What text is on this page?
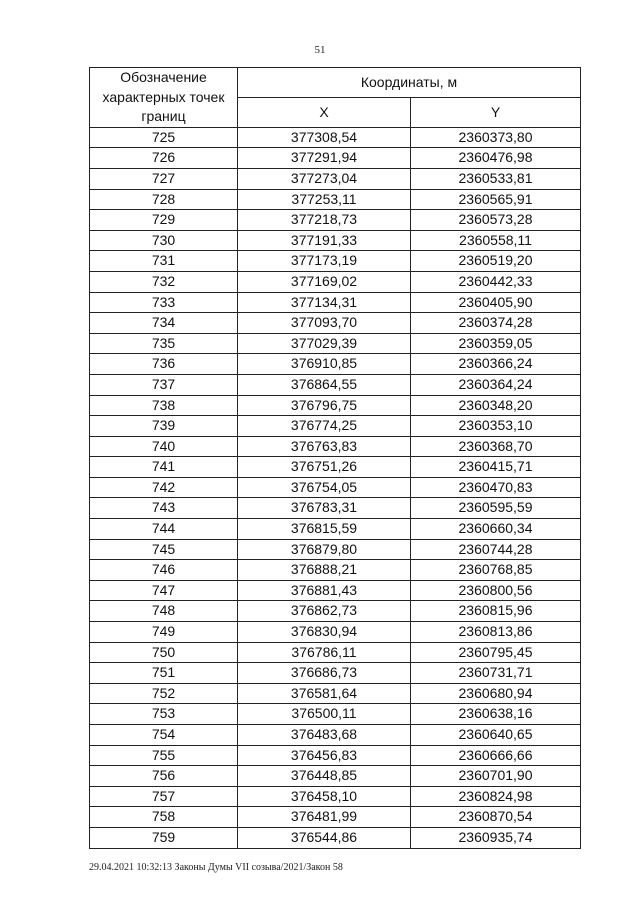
51
Обозначение характерных точек границ	Координаты, м	
	X	Y
725	377308,54	2360373,80
726	377291,94	2360476,98
727	377273,04	2360533,81
728	377253,11	2360565,91
729	377218,73	2360573,28
730	377191,33	2360558,11
731	377173,19	2360519,20
732	377169,02	2360442,33
733	377134,31	2360405,90
734	377093,70	2360374,28
735	377029,39	2360359,05
736	376910,85	2360366,24
737	376864,55	2360364,24
738	376796,75	2360348,20
739	376774,25	2360353,10
740	376763,83	2360368,70
741	376751,26	2360415,71
742	376754,05	2360470,83
743	376783,31	2360595,59
744	376815,59	2360660,34
745	376879,80	2360744,28
746	376888,21	2360768,85
747	376881,43	2360800,56
748	376862,73	2360815,96
749	376830,94	2360813,86
750	376786,11	2360795,45
751	376686,73	2360731,71
752	376581,64	2360680,94
753	376500,11	2360638,16
754	376483,68	2360640,65
755	376456,83	2360666,66
756	376448,85	2360701,90
757	376458,10	2360824,98
758	376481,99	2360870,54
759	376544,86	2360935,74
29.04.2021 10:32:13 Законы Думы VII созыва/2021/Закон 58
